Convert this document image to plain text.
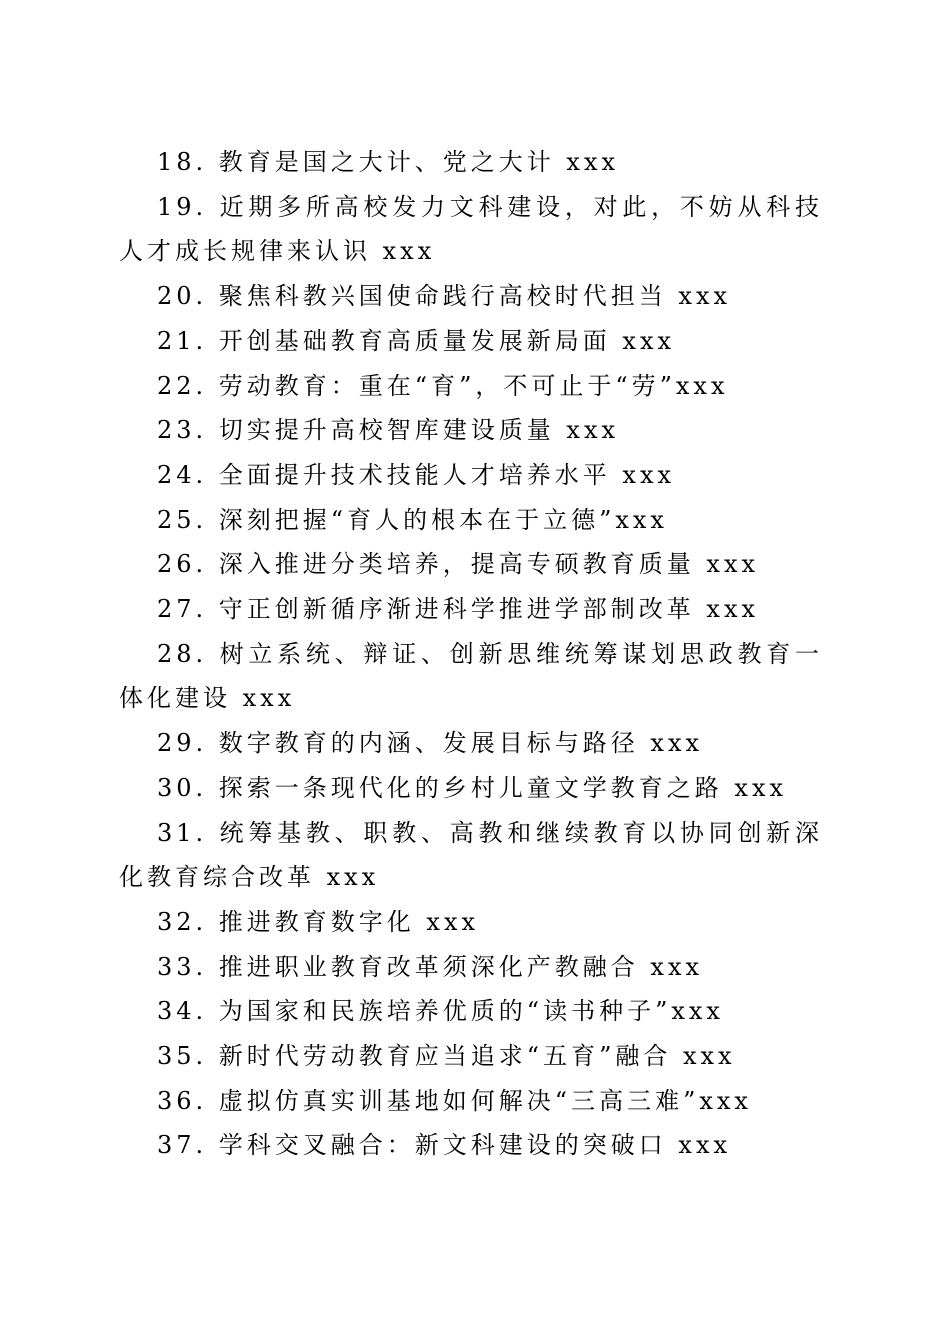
18. 教育是国之大计、党之大计 xxx
19. 近期多所高校发力文科建设，对此，不妨从科技人才成长规律来认识 xxx
20. 聚焦科教兴国使命践行高校时代担当 xxx
21. 开创基础教育高质量发展新局面 xxx
22. 劳动教育：重在“育”，不可止于“劳”xxx
23. 切实提升高校智库建设质量 xxx
24. 全面提升技术技能人才培养水平 xxx
25. 深刻把握“育人的根本在于立德”xxx
26. 深入推进分类培养，提高专硕教育质量 xxx
27. 守正创新循序渐进科学推进学部制改革 xxx
28. 树立系统、辩证、创新思维统筹谋划思政教育一体化建设 xxx
29. 数字教育的内涵、发展目标与路径 xxx
30. 探索一条现代化的乡村儿童文学教育之路 xxx
31. 统筹基教、职教、高教和继续教育以协同创新深化教育综合改革 xxx
32. 推进教育数字化 xxx
33. 推进职业教育改革须深化产教融合 xxx
34. 为国家和民族培养优质的“读书种子”xxx
35. 新时代劳动教育应当追求“五育”融合 xxx
36. 虚拟仿真实训基地如何解决“三高三难”xxx
37. 学科交叉融合：新文科建设的突破口 xxx
